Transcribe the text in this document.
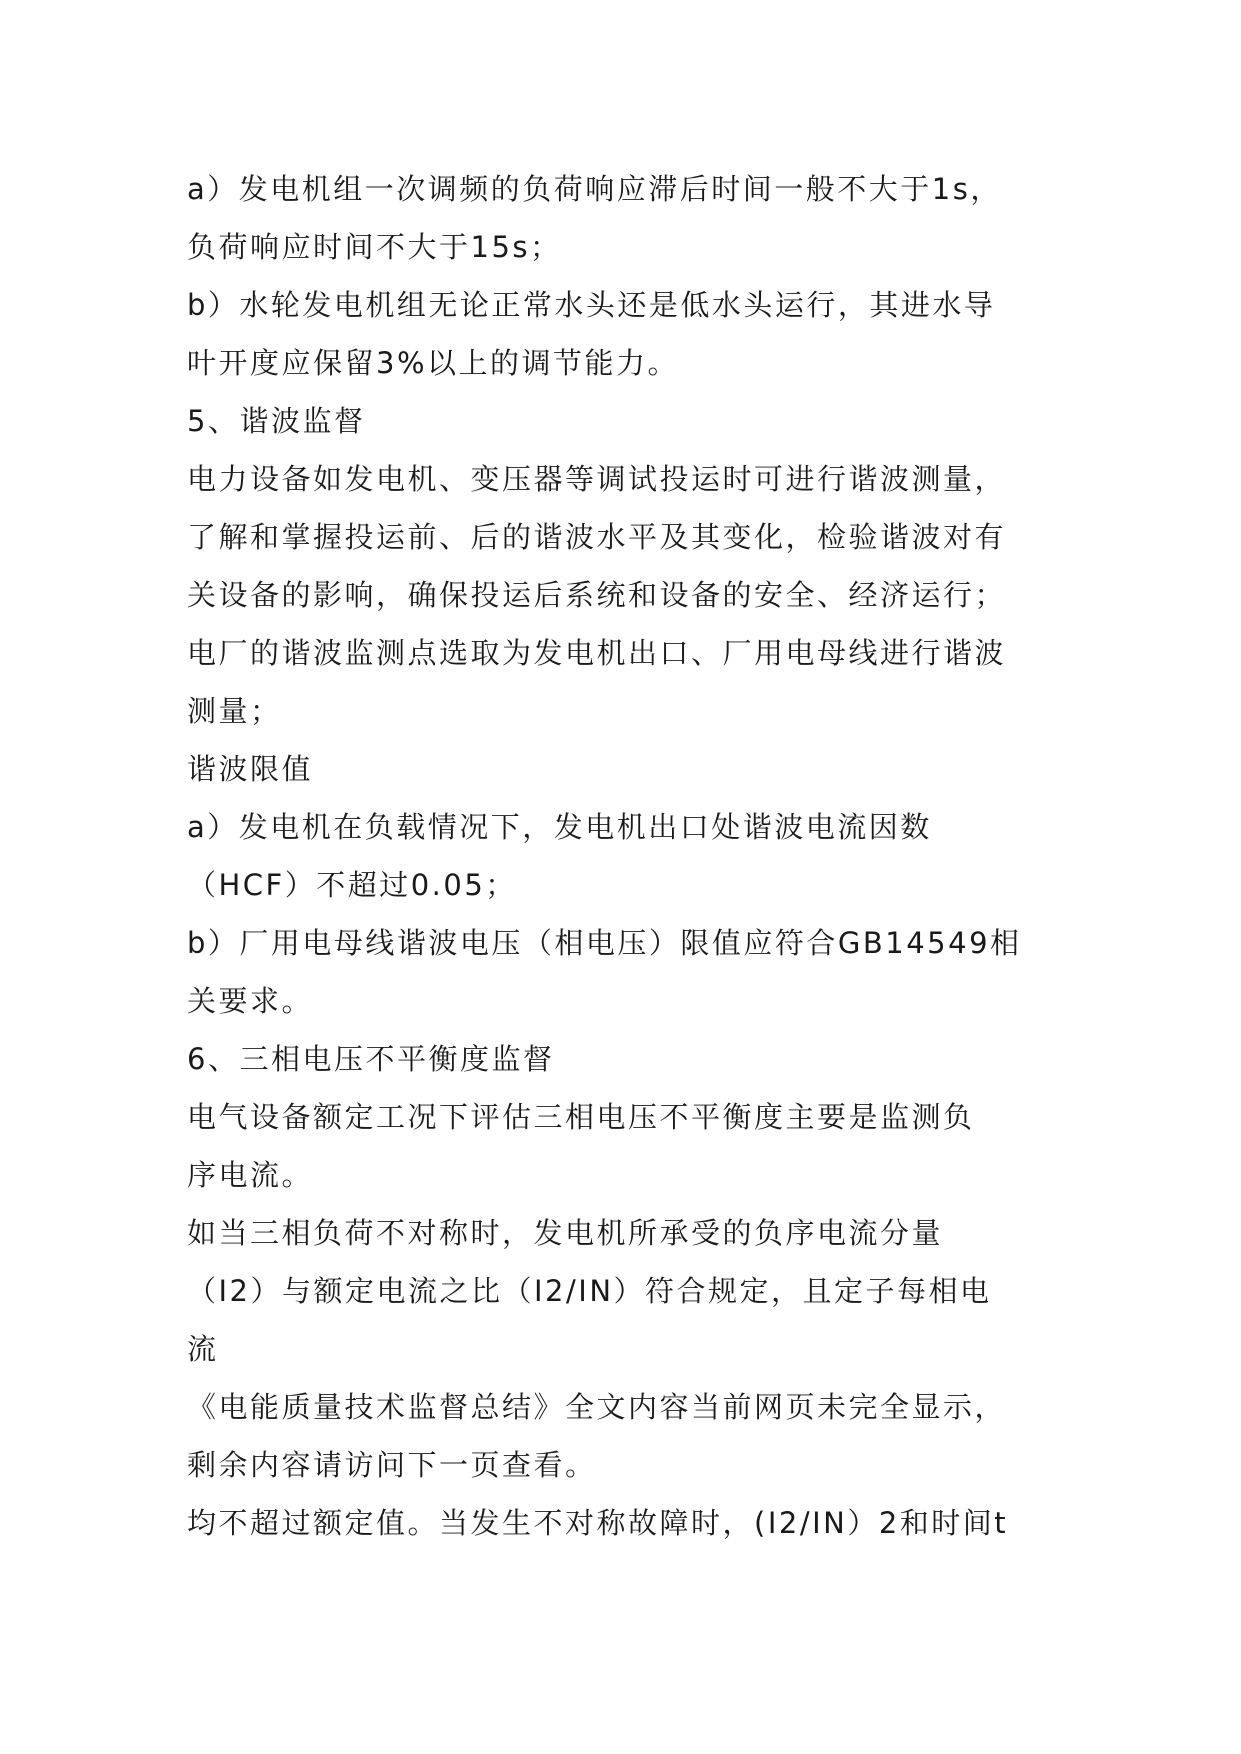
a）发电机组一次调频的负荷响应滞后时间一般不大于1s，
负荷响应时间不大于15s；
b）水轮发电机组无论正常水头还是低水头运行，其进水导
叶开度应保留3%以上的调节能力。
5、谐波监督
电力设备如发电机、变压器等调试投运时可进行谐波测量，
了解和掌握投运前、后的谐波水平及其变化，检验谐波对有
关设备的影响，确保投运后系统和设备的安全、经济运行；
电厂的谐波监测点选取为发电机出口、厂用电母线进行谐波
测量；
谐波限值
a）发电机在负载情况下，发电机出口处谐波电流因数
（HCF）不超过0.05；
b）厂用电母线谐波电压（相电压）限值应符合GB14549相
关要求。
6、三相电压不平衡度监督
电气设备额定工况下评估三相电压不平衡度主要是监测负
序电流。
如当三相负荷不对称时，发电机所承受的负序电流分量
（I2）与额定电流之比（I2/IN）符合规定，且定子每相电
流
《电能质量技术监督总结》全文内容当前网页未完全显示，
剩余内容请访问下一页查看。
均不超过额定值。当发生不对称故障时，(I2/IN）2和时间t
